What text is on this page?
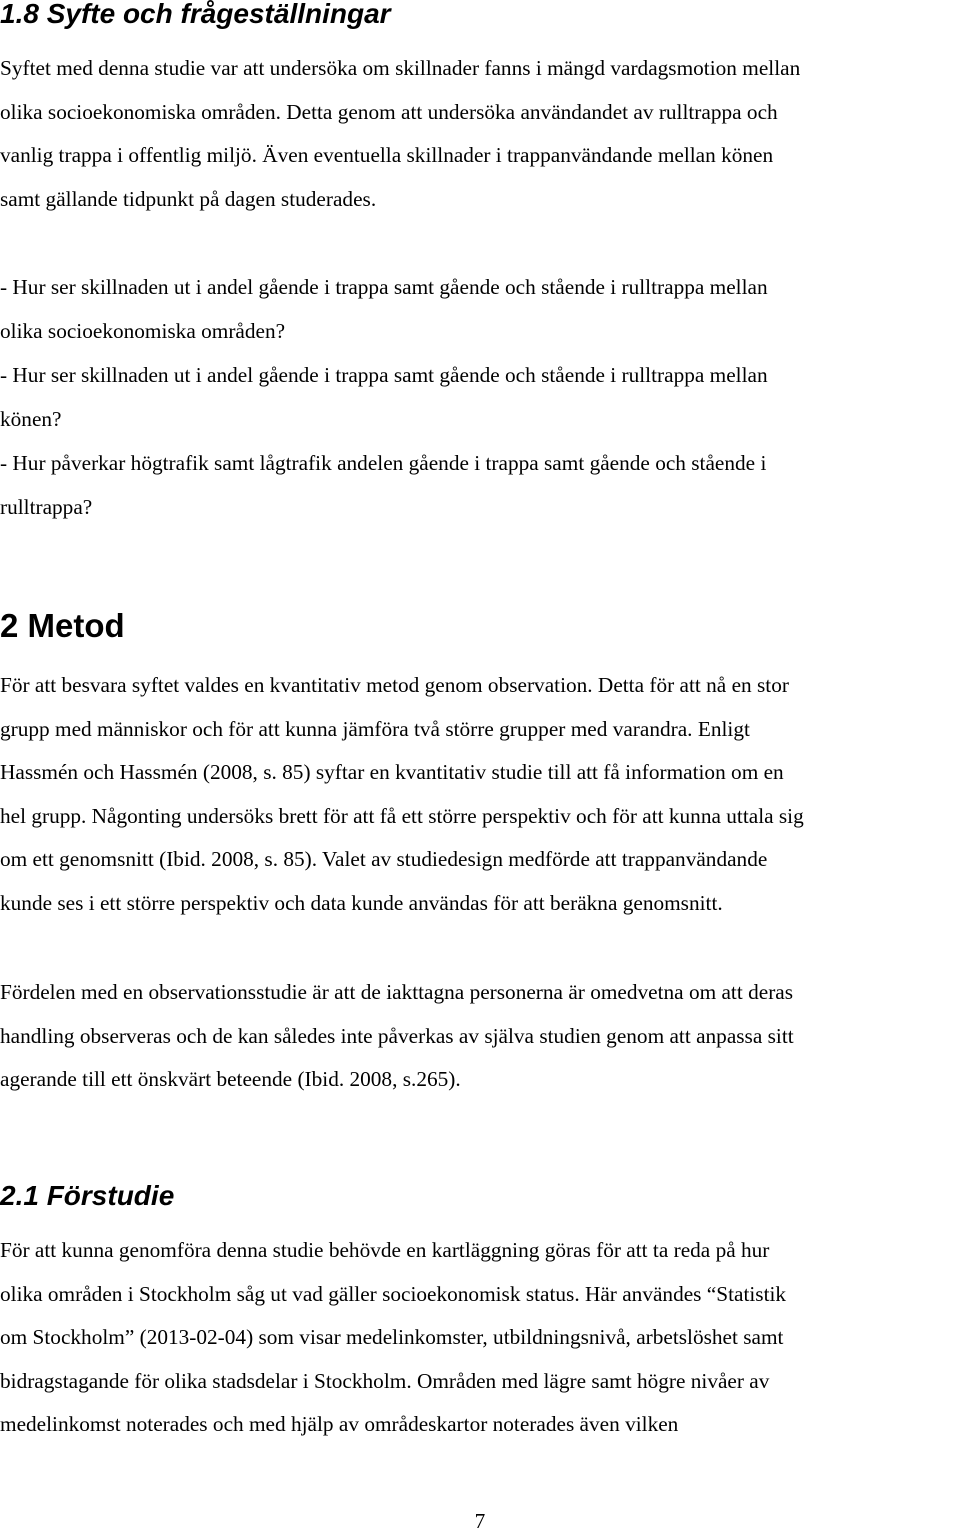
1.8 Syfte och frågeställningar

Syftet med denna studie var att undersöka om skillnader fanns i mängd vardagsmotion mellan
olika socioekonomiska områden. Detta genom att undersöka användandet av rulltrappa och
vanlig trappa i offentlig miljö. Även eventuella skillnader i trappanvändande mellan könen
samt gällande tidpunkt på dagen studerades.

- Hur ser skillnaden ut i andel gående i trappa samt gående och stående i rulltrappa mellan
olika socioekonomiska områden?

- Hur ser skillnaden ut i andel gående i trappa samt gående och stående i rulltrappa mellan
könen?

- Hur påverkar högtrafik samt lågtrafik andelen gående i trappa samt gående och stående i
rulltrappa?

2 Metod

För att besvara syftet valdes en kvantitativ metod genom observation. Detta för att nå en stor
grupp med människor och för att kunna jämföra två större grupper med varandra. Enligt
Hassmén och Hassmén (2008, s. 85) syftar en kvantitativ studie till att få information om en
hel grupp. Någonting undersöks brett för att få ett större perspektiv och för att kunna uttala sig
om ett genomsnitt (Ibid. 2008, s. 85). Valet av studiedesign medförde att trappanvändande
kunde ses i ett större perspektiv och data kunde användas för att beräkna genomsnitt.

Fördelen med en observationsstudie är att de iakttagna personerna är omedvetna om att deras
handling observeras och de kan således inte påverkas av själva studien genom att anpassa sitt
agerande till ett önskvärt beteende (Ibid. 2008, s.265).

2.1 Förstudie

För att kunna genomföra denna studie behövde en kartläggning göras för att ta reda på hur
olika områden i Stockholm såg ut vad gäller socioekonomisk status. Här användes “Statistik
om Stockholm” (2013-02-04) som visar medelinkomster, utbildningsnivå, arbetslöshet samt
bidragstagande för olika stadsdelar i Stockholm. Områden med lägre samt högre nivåer av
medelinkomst noterades och med hjälp av områdeskartor noterades även vilken

7
